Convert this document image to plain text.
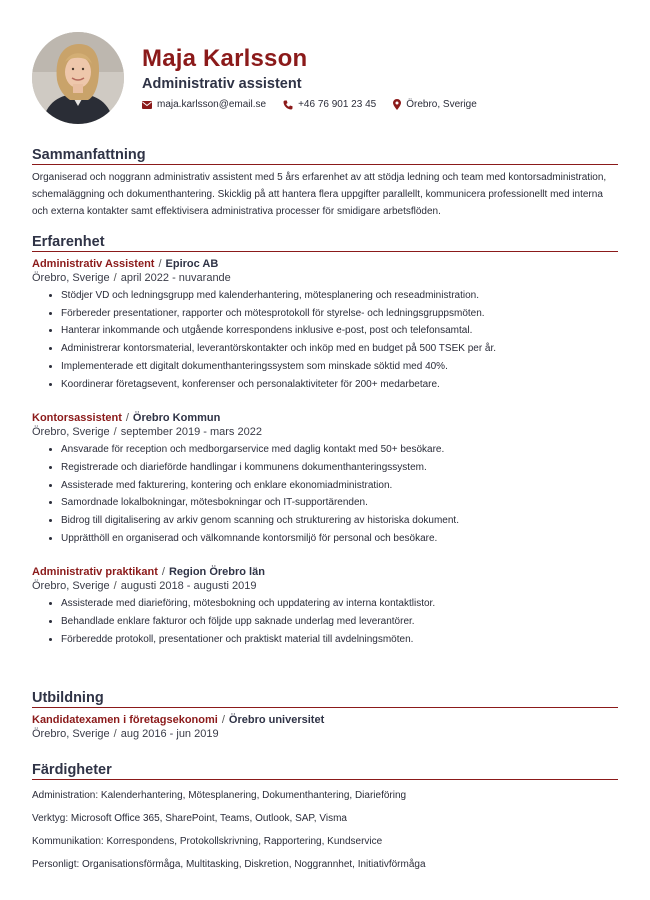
Maja Karlsson
Administrativ assistent
maja.karlsson@email.se	+46 76 901 23 45	Örebro, Sverige
Sammanfattning
Organiserad och noggrann administrativ assistent med 5 års erfarenhet av att stödja ledning och team med kontorsadministration, schemaläggning och dokumenthantering. Skicklig på att hantera flera uppgifter parallellt, kommunicera professionellt med interna och externa kontakter samt effektivisera administrativa processer för smidigare arbetsflöden.
Erfarenhet
Administrativ Assistent / Epiroc AB
Örebro, Sverige / april 2022 - nuvarande
• Stödjer VD och ledningsgrupp med kalenderhantering, mötesplanering och reseadministration.
• Förbereder presentationer, rapporter och mötesprotokoll för styrelse- och ledningsgruppsmöten.
• Hanterar inkommande och utgående korrespondens inklusive e-post, post och telefonsamtal.
• Administrerar kontorsmaterial, leverantörskontakter och inköp med en budget på 500 TSEK per år.
• Implementerade ett digitalt dokumenthanteringssystem som minskade söktid med 40%.
• Koordinerar företagsevent, konferenser och personalaktiviteter för 200+ medarbetare.
Kontorsassistent / Örebro Kommun
Örebro, Sverige / september 2019 - mars 2022
• Ansvarade för reception och medborgarservice med daglig kontakt med 50+ besökare.
• Registrerade och diarieförde handlingar i kommunens dokumenthanteringssystem.
• Assisterade med fakturering, kontering och enklare ekonomiadministration.
• Samordnade lokalbokningar, mötesbokningar och IT-supportärenden.
• Bidrog till digitalisering av arkiv genom scanning och strukturering av historiska dokument.
• Upprätthöll en organiserad och välkomnande kontorsmiljö för personal och besökare.
Administrativ praktikant / Region Örebro län
Örebro, Sverige / augusti 2018 - augusti 2019
• Assisterade med diarieföring, mötesbokning och uppdatering av interna kontaktlistor.
• Behandlade enklare fakturor och följde upp saknade underlag med leverantörer.
• Förberedde protokoll, presentationer och praktiskt material till avdelningsmöten.
Utbildning
Kandidatexamen i företagsekonomi / Örebro universitet
Örebro, Sverige / aug 2016 - jun 2019
Färdigheter
Administration: Kalenderhantering, Mötesplanering, Dokumenthantering, Diarieföring
Verktyg: Microsoft Office 365, SharePoint, Teams, Outlook, SAP, Visma
Kommunikation: Korrespondens, Protokollskrivning, Rapportering, Kundservice
Personligt: Organisationsförmåga, Multitasking, Diskretion, Noggrannhet, Initiativförmåga
